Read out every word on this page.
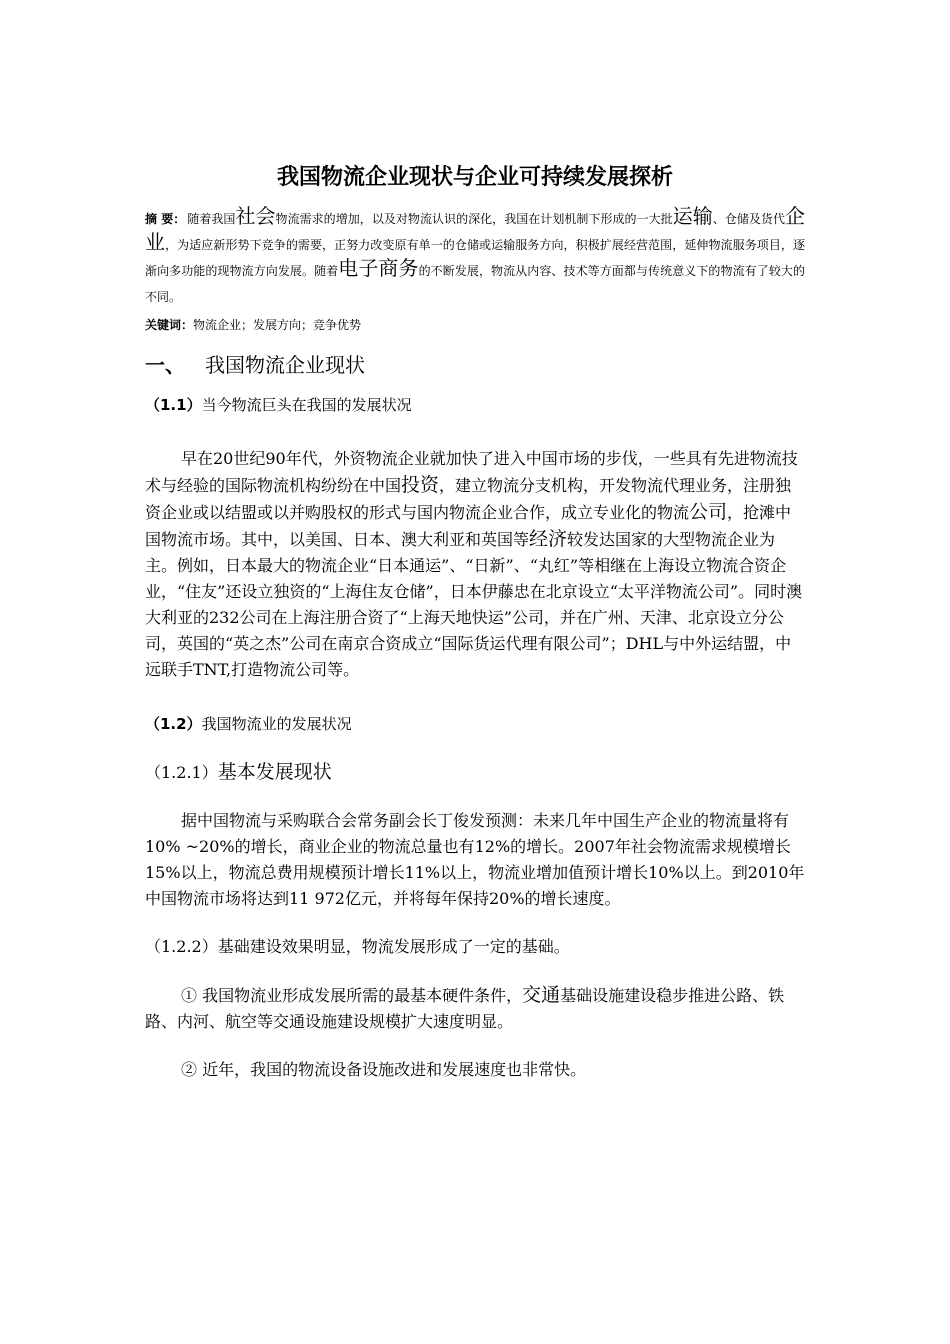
我国物流企业现状与企业可持续发展探析

摘 要： 随着我国社会物流需求的增加，以及对物流认识的深化，我国在计划机制下形成的一大批运输、仓储及货代企业，为适应新形势下竞争的需要，正努力改变原有单一的仓储或运输服务方向，积极扩展经营范围，延伸物流服务项目，逐渐向多功能的现物流方向发展。随着电子商务的不断发展，物流从内容、技术等方面都与传统意义下的物流有了较大的不同。

关键词：物流企业；发展方向；竞争优势

一、 我国物流企业现状
（1.1）当今物流巨头在我国的发展状况

早在20世纪90年代，外资物流企业就加快了进入中国市场的步伐，一些具有先进物流技术与经验的国际物流机构纷纷在中国投资，建立物流分支机构，开发物流代理业务，注册独资企业或以结盟或以并购股权的形式与国内物流企业合作，成立专业化的物流公司，抢滩中国物流市场。其中，以美国、日本、澳大利亚和英国等经济较发达国家的大型物流企业为主。例如，日本最大的物流企业“日本通运”、“日新”、“丸红”等相继在上海设立物流合资企业，“住友”还设立独资的“上海住友仓储”，日本伊藤忠在北京设立“太平洋物流公司”。同时澳大利亚的232公司在上海注册合资了“上海天地快运”公司，并在广州、天津、北京设立分公司，英国的“英之杰”公司在南京合资成立“国际货运代理有限公司”；DHL与中外运结盟，中远联手TNT,打造物流公司等。

（1.2）我国物流业的发展状况

（1.2.1）基本发展现状

据中国物流与采购联合会常务副会长丁俊发预测：未来几年中国生产企业的物流量将有10% ~20%的增长，商业企业的物流总量也有12%的增长。2007年社会物流需求规模增长15%以上，物流总费用规模预计增长11%以上，物流业增加值预计增长10%以上。到2010年中国物流市场将达到11 972亿元，并将每年保持20%的增长速度。

（1.2.2）基础建设效果明显，物流发展形成了一定的基础。

① 我国物流业形成发展所需的最基本硬件条件，交通基础设施建设稳步推进公路、铁路、内河、航空等交通设施建设规模扩大速度明显。

② 近年，我国的物流设备设施改进和发展速度也非常快。
